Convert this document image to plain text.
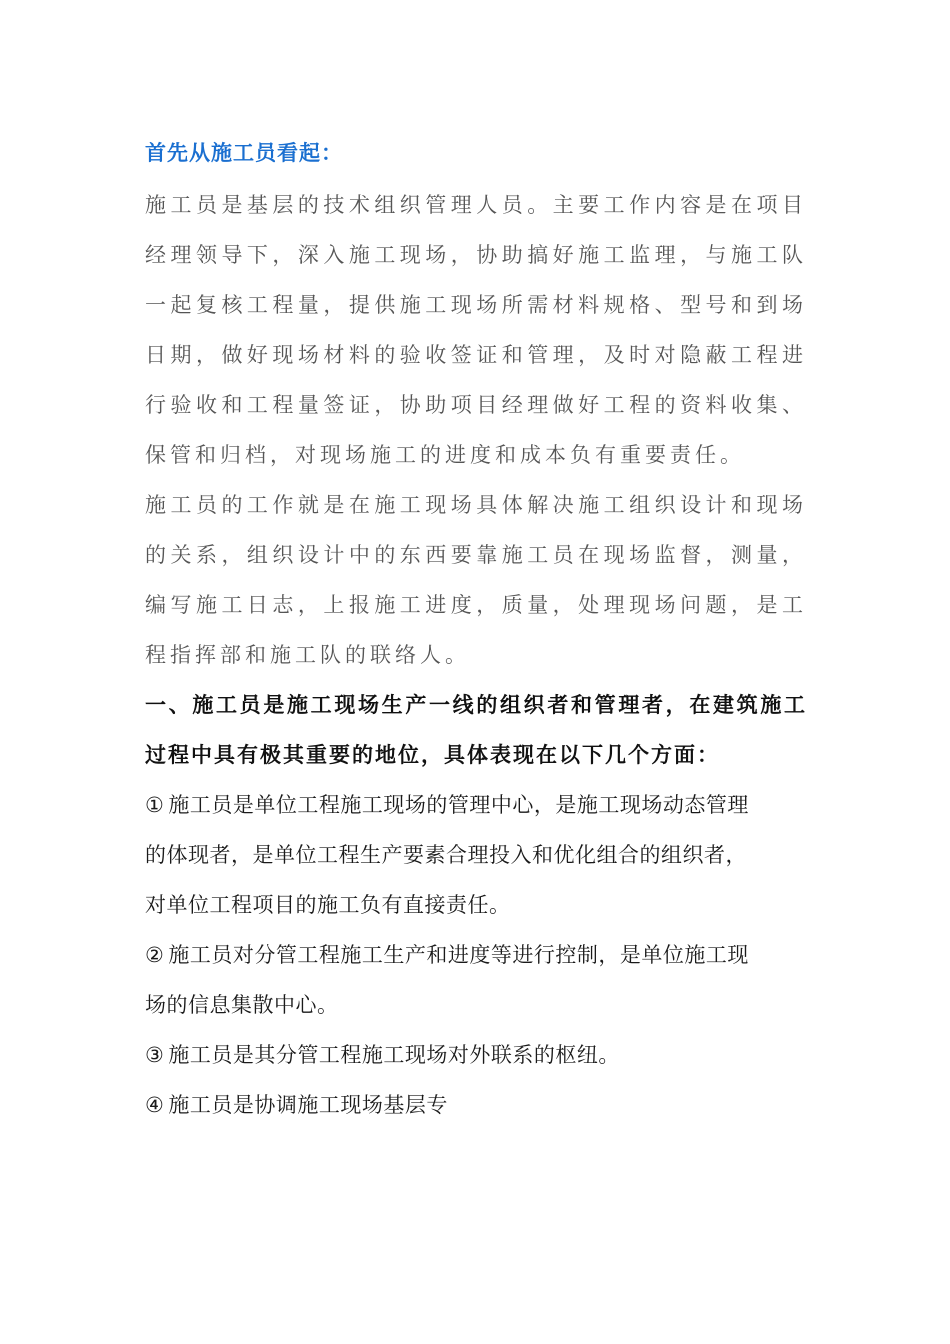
首先从施工员看起：

施工员是基层的技术组织管理人员。主要工作内容是在项目经理领导下，深入施工现场，协助搞好施工监理，与施工队一起复核工程量，提供施工现场所需材料规格、型号和到场日期，做好现场材料的验收签证和管理，及时对隐蔽工程进行验收和工程量签证，协助项目经理做好工程的资料收集、保管和归档，对现场施工的进度和成本负有重要责任。

施工员的工作就是在施工现场具体解决施工组织设计和现场的关系，组织设计中的东西要靠施工员在现场监督，测量，编写施工日志，上报施工进度，质量，处理现场问题，是工程指挥部和施工队的联络人。

一、施工员是施工现场生产一线的组织者和管理者，在建筑施工过程中具有极其重要的地位，具体表现在以下几个方面：

① 施工员是单位工程施工现场的管理中心，是施工现场动态管理

的体现者，是单位工程生产要素合理投入和优化组合的组织者，

对单位工程项目的施工负有直接责任。

② 施工员对分管工程施工生产和进度等进行控制，是单位施工现

场的信息集散中心。

③ 施工员是其分管工程施工现场对外联系的枢纽。

④ 施工员是协调施工现场基层专
